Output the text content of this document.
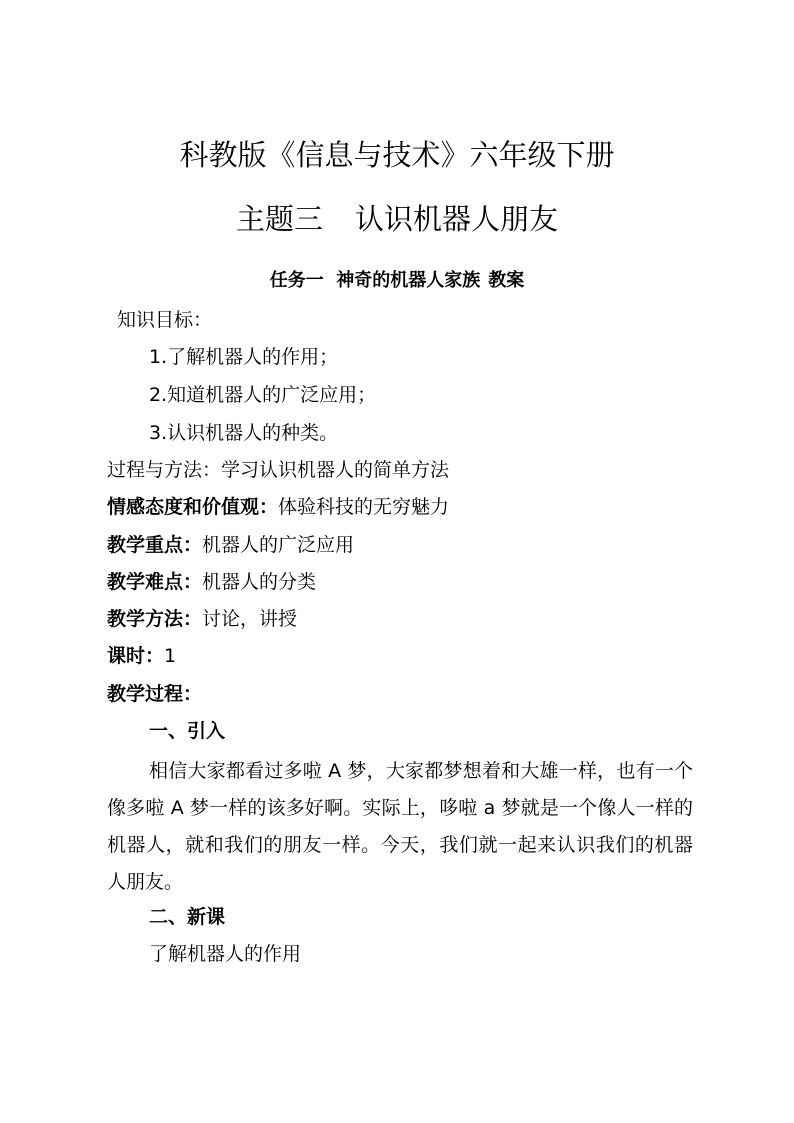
科教版《信息与技术》六年级下册
主题三 认识机器人朋友
任务一  神奇的机器人家族 教案
知识目标：
1.了解机器人的作用；
2.知道机器人的广泛应用；
3.认识机器人的种类。
过程与方法：学习认识机器人的简单方法
情感态度和价值观：体验科技的无穷魅力
教学重点：机器人的广泛应用
教学难点：机器人的分类
教学方法：讨论，讲授
课时：1
教学过程：
一、引入
相信大家都看过多啦 A 梦，大家都梦想着和大雄一样，也有一个像多啦 A 梦一样的该多好啊。实际上，哆啦 a 梦就是一个像人一样的机器人，就和我们的朋友一样。今天，我们就一起来认识我们的机器人朋友。
二、新课
了解机器人的作用
